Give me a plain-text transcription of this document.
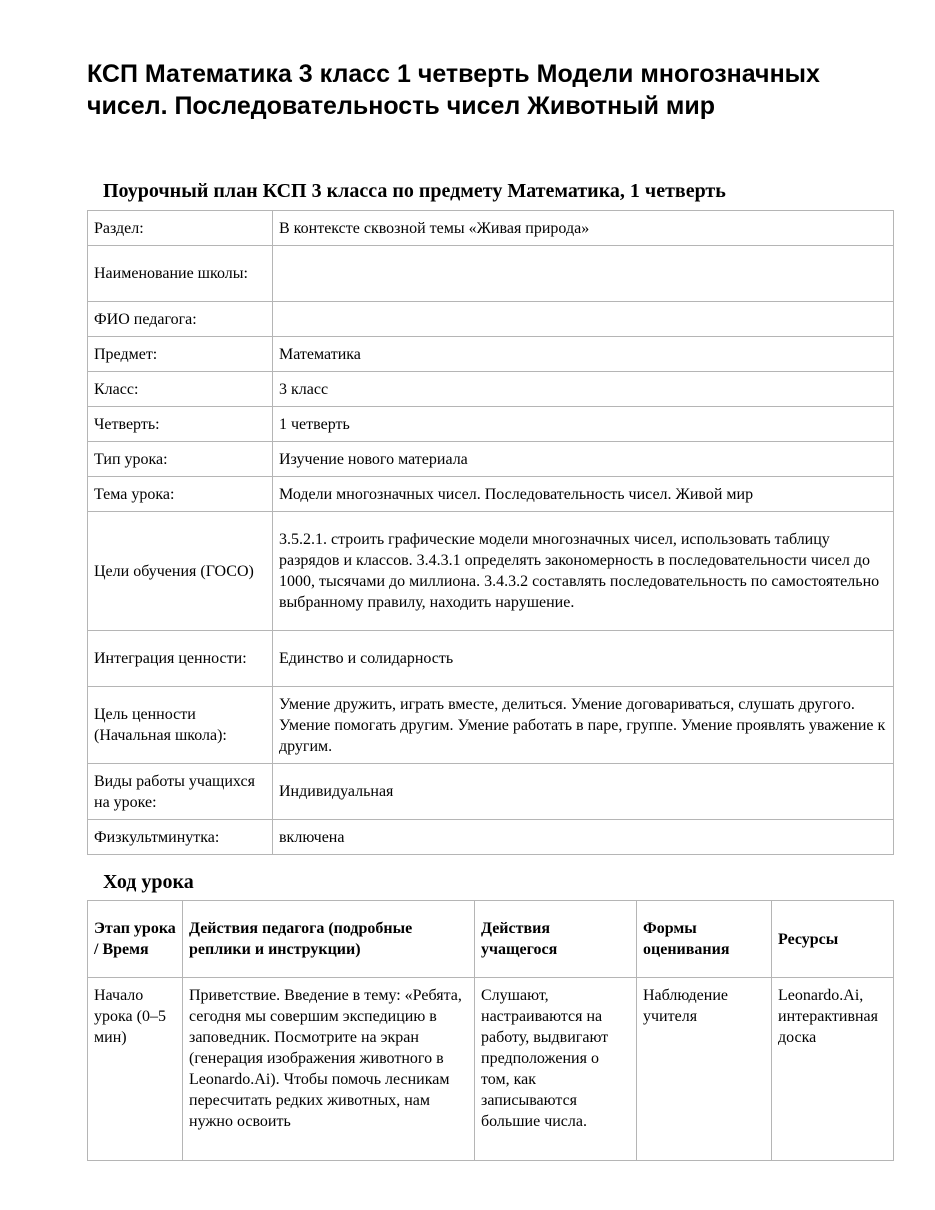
КСП Математика 3 класс 1 четверть Модели многозначных чисел. Последовательность чисел Животный мир
Поурочный план КСП 3 класса по предмету Математика, 1 четверть
Раздел:	В контексте сквозной темы «Живая природа»
Наименование школы:	
ФИО педагога:	
Предмет:	Математика
Класс:	3 класс
Четверть:	1 четверть
Тип урока:	Изучение нового материала
Тема урока:	Модели многозначных чисел. Последовательность чисел. Живой мир
Цели обучения (ГОСО)	3.5.2.1. строить графические модели многозначных чисел, использовать таблицу разрядов и классов. 3.4.3.1 определять закономерность в последовательности чисел до 1000, тысячами до миллиона. 3.4.3.2 составлять последовательность по самостоятельно выбранному правилу, находить нарушение.
Интеграция ценности:	Единство и солидарность
Цель ценности (Начальная школа):	Умение дружить, играть вместе, делиться. Умение договариваться, слушать другого. Умение помогать другим. Умение работать в паре, группе. Умение проявлять уважение к другим.
Виды работы учащихся на уроке:	Индивидуальная
Физкультминутка:	включена
Ход урока
Этап урока / Время	Действия педагога (подробные реплики и инструкции)	Действия учащегося	Формы оценивания	Ресурсы
Начало урока (0–5 мин)	Приветствие. Введение в тему: «Ребята, сегодня мы совершим экспедицию в заповедник. Посмотрите на экран (генерация изображения животного в Leonardo.Ai). Чтобы помочь лесникам пересчитать редких животных, нам нужно освоить	Слушают, настраиваются на работу, выдвигают предположения о том, как записываются большие числа.	Наблюдение учителя	Leonardo.Ai, интерактивная доска
